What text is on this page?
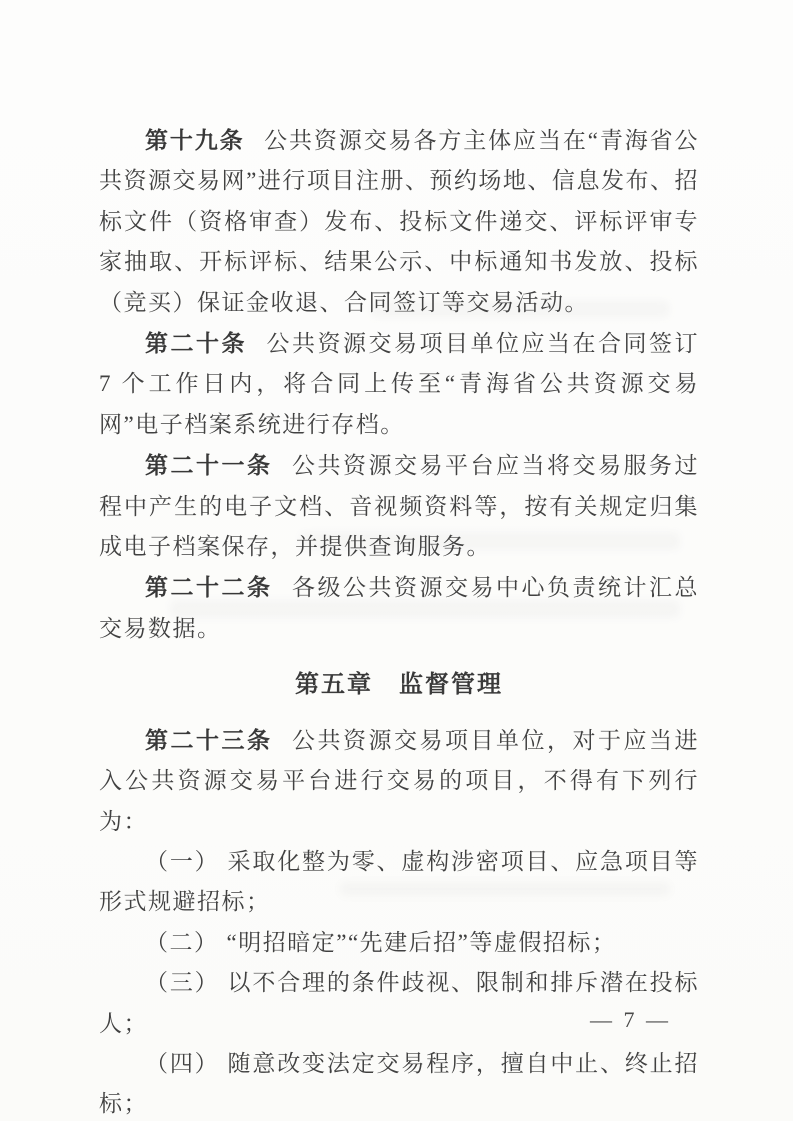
第十九条 公共资源交易各方主体应当在“青海省公共资源交易网”进行项目注册、预约场地、信息发布、招标文件（资格审查）发布、投标文件递交、评标评审专家抽取、开标评标、结果公示、中标通知书发放、投标（竞买）保证金收退、合同签订等交易活动。

第二十条 公共资源交易项目单位应当在合同签订 7 个工作日内，将合同上传至“青海省公共资源交易网”电子档案系统进行存档。

第二十一条 公共资源交易平台应当将交易服务过程中产生的电子文档、音视频资料等，按有关规定归集成电子档案保存，并提供查询服务。

第二十二条 各级公共资源交易中心负责统计汇总交易数据。

第五章　监督管理

第二十三条 公共资源交易项目单位，对于应当进入公共资源交易平台进行交易的项目，不得有下列行为：

（一） 采取化整为零、虚构涉密项目、应急项目等形式规避招标；

（二） “明招暗定”“先建后招”等虚假招标；

（三） 以不合理的条件歧视、限制和排斥潜在投标人；

（四） 随意改变法定交易程序，擅自中止、终止招标；

— 7 —
